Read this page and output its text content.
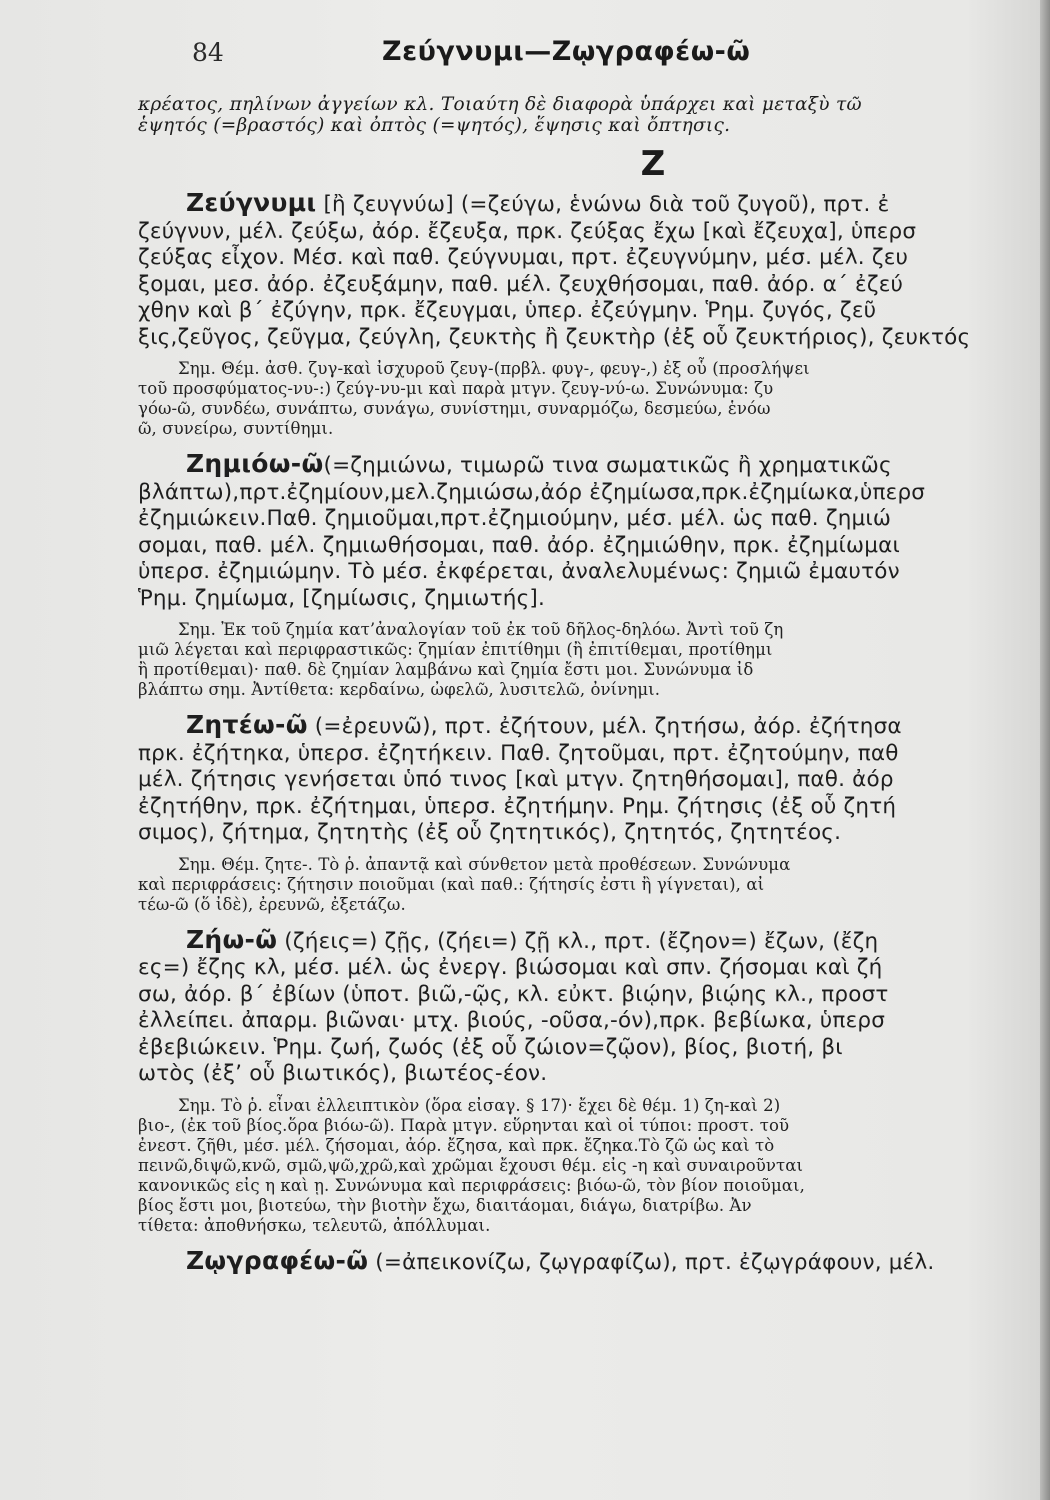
84	Ζεύγνυμι—Ζῳγραφέω-ῶ
κρέατος, πηλίνων ἀγγείων κλ. Τοιαύτη δὲ διαφορὰ ὑπάρχει καὶ μεταξὺ τῶ
ἑψητός (=βραστός) καὶ ὀπτὸς (=ψητός), ἕψησις καὶ ὄπτησις.
Z
Ζεύγνυμι [ἢ ζευγνύω] (=ζεύγω, ἑνώνω διὰ τοῦ ζυγοῦ), πρτ. ἐ
ζεύγνυν, μέλ. ζεύξω, ἀόρ. ἔζευξα, πρκ. ζεύξας ἔχω [καὶ ἔζευχα], ὑπερσ
ζεύξας εἶχον. Μέσ. καὶ παθ. ζεύγνυμαι, πρτ. ἐζευγνύμην, μέσ. μέλ. ζευ
ξομαι, μεσ. ἀόρ. ἐζευξάμην, παθ. μέλ. ζευχθήσομαι, παθ. ἀόρ. α΄ ἐζεύ
χθην καὶ β΄ ἐζύγην, πρκ. ἔζευγμαι, ὑπερ. ἐζεύγμην. Ῥημ. ζυγός, ζεῦ
ξις,ζεῦγος, ζεῦγμα, ζεύγλη, ζευκτὴς ἢ ζευκτὴρ (ἐξ οὗ ζευκτήριος), ζευκτός
Σημ. Θέμ. ἀσθ. ζυγ-καὶ ἰσχυροῦ ζευγ-(πρβλ. φυγ-, φευγ-,) ἐξ οὗ (προσλήψει
τοῦ προσφύματος-νυ-:) ζεύγ-νυ-μι καὶ παρὰ μτγν. ζευγ-νύ-ω. Συνώνυμα: ζυ
γόω-ῶ, συνδέω, συνάπτω, συνάγω, συνίστημι, συναρμόζω, δεσμεύω, ἑνόω
ῶ, συνείρω, συντίθημι.
Ζημιόω-ῶ(=ζημιώνω, τιμωρῶ τινα σωματικῶς ἢ χρηματικῶς
βλάπτω),πρτ.ἐζημίουν,μελ.ζημιώσω,ἀόρ ἐζημίωσα,πρκ.ἐζημίωκα,ὑπερσ
ἐζημιώκειν.Παθ. ζημιοῦμαι,πρτ.ἐζημιούμην, μέσ. μέλ. ὡς παθ. ζημιώ
σομαι, παθ. μέλ. ζημιωθήσομαι, παθ. ἀόρ. ἐζημιώθην, πρκ. ἐζημίωμαι
ὑπερσ. ἐζημιώμην. Τὸ μέσ. ἐκφέρεται, ἀναλελυμένως: ζημιῶ ἐμαυτόν
Ῥημ. ζημίωμα, [ζημίωσις, ζημιωτής].
Σημ. Ἐκ τοῦ ζημία κατ’ἀναλογίαν τοῦ ἐκ τοῦ δῆλος-δηλόω. Ἀντὶ τοῦ ζη
μιῶ λέγεται καὶ περιφραστικῶς: ζημίαν ἐπιτίθημι (ἢ ἐπιτίθεμαι, προτίθημι
ἢ προτίθεμαι)· παθ. δὲ ζημίαν λαμβάνω καὶ ζημία ἔστι μοι. Συνώνυμα ἰδ
βλάπτω σημ. Ἀντίθετα: κερδαίνω, ὠφελῶ, λυσιτελῶ, ὀνίνημι.
Ζητέω-ῶ (=ἐρευνῶ), πρτ. ἐζήτουν, μέλ. ζητήσω, ἀόρ. ἐζήτησα
πρκ. ἐζήτηκα, ὑπερσ. ἐζητήκειν. Παθ. ζητοῦμαι, πρτ. ἐζητούμην, παθ
μέλ. ζήτησις γενήσεται ὑπό τινος [καὶ μτγν. ζητηθήσομαι], παθ. ἀόρ
ἐζητήθην, πρκ. ἐζήτημαι, ὑπερσ. ἐζητήμην. Ρημ. ζήτησις (ἐξ οὗ ζητή
σιμος), ζήτημα, ζητητὴς (ἐξ οὗ ζητητικός), ζητητός, ζητητέος.
Σημ. Θέμ. ζητε-. Τὸ ῥ. ἀπαντᾷ καὶ σύνθετον μετὰ προθέσεων. Συνώνυμα
καὶ περιφράσεις: ζήτησιν ποιοῦμαι (καὶ παθ.: ζήτησίς ἐστι ἢ γίγνεται), αἰ
τέω-ῶ (ὅ ἰδὲ), ἐρευνῶ, ἐξετάζω.
Ζήω-ῶ (ζήεις=) ζῇς, (ζήει=) ζῇ κλ., πρτ. (ἔζηον=) ἔζων, (ἔζη
ες=) ἔζης κλ, μέσ. μέλ. ὡς ἐνεργ. βιώσομαι καὶ σπν. ζήσομαι καὶ ζή
σω, ἀόρ. β΄ ἐβίων (ὑποτ. βιῶ,-ῷς, κλ. εὐκτ. βιῴην, βιῴης κλ., προστ
ἐλλείπει. ἀπαρμ. βιῶναι· μτχ. βιούς, -οῦσα,-όν),πρκ. βεβίωκα, ὑπερσ
ἐβεβιώκειν. Ῥημ. ζωή, ζωός (ἐξ οὗ ζώιον=ζῷον), βίος, βιοτή, βι
ωτὸς (ἐξ’ οὗ βιωτικός), βιωτέος-έον.
Σημ. Τὸ ῥ. εἶναι ἐλλειπτικὸν (ὅρα εἰσαγ. § 17)· ἔχει δὲ θέμ. 1) ζη-καὶ 2)
βιο-, (ἐκ τοῦ βίος.ὅρα βιόω-ῶ). Παρὰ μτγν. εὕρηνται καὶ οἱ τύποι: προστ. τοῦ
ἐνεστ. ζῆθι, μέσ. μέλ. ζήσομαι, ἀόρ. ἔζησα, καὶ πρκ. ἔζηκα.Τὸ ζῶ ὡς καὶ τὸ
πεινῶ,διψῶ,κνῶ, σμῶ,ψῶ,χρῶ,καὶ χρῶμαι ἔχουσι θέμ. εἰς -η καὶ συναιροῦνται
κανονικῶς εἰς η καὶ ῃ. Συνώνυμα καὶ περιφράσεις: βιόω-ῶ, τὸν βίον ποιοῦμαι,
βίος ἔστι μοι, βιοτεύω, τὴν βιοτὴν ἔχω, διαιτάομαι, διάγω, διατρίβω. Ἀν
τίθετα: ἀποθνήσκω, τελευτῶ, ἀπόλλυμαι.
Ζῳγραφέω-ῶ (=ἀπεικονίζω, ζῳγραφίζω), πρτ. ἐζῳγράφουν, μέλ.
